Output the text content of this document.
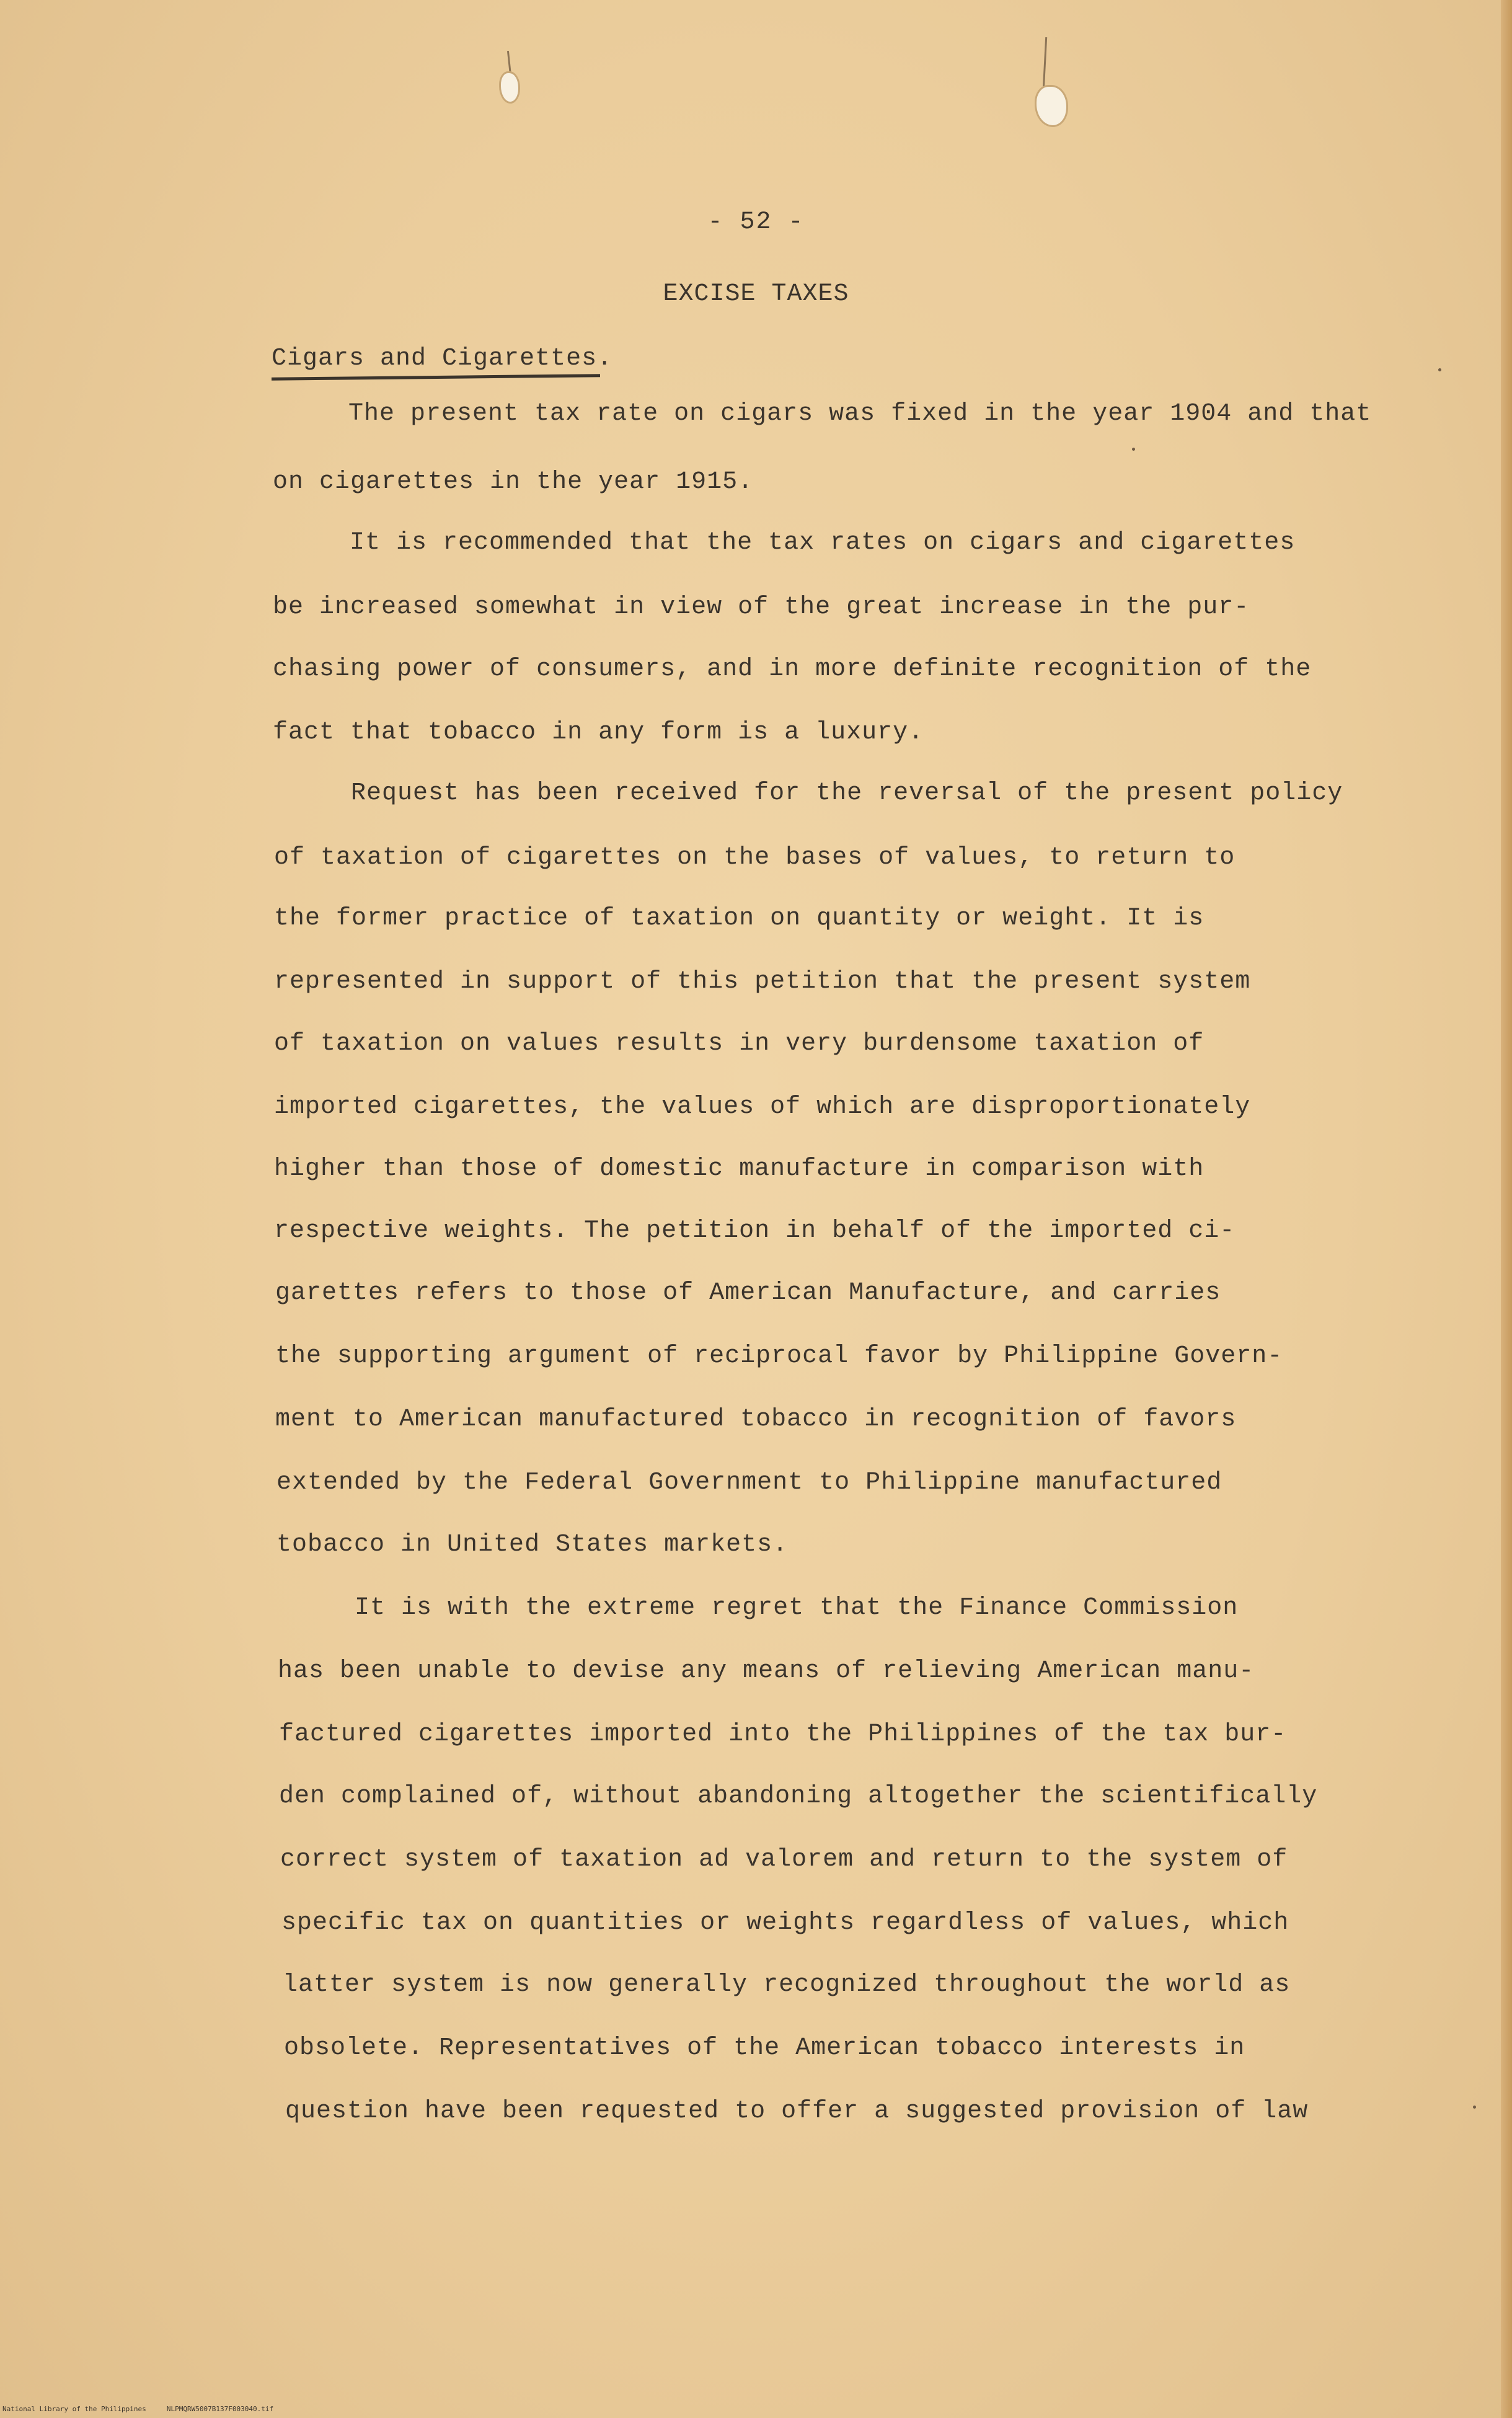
- 52 -
EXCISE TAXES
Cigars and Cigarettes.
The present tax rate on cigars was fixed in the year 1904 and that
on cigarettes in the year 1915.
It is recommended that the tax rates on cigars and cigarettes
be increased somewhat in view of the great increase in the pur-
chasing power of consumers, and in more definite recognition of the
fact that tobacco in any form is a luxury.
Request has been received for the reversal of the present policy
of taxation of cigarettes on the bases of values, to return to
the former practice of taxation on quantity or weight. It is
represented in support of this petition that the present system
of taxation on values results in very burdensome taxation of
imported cigarettes, the values of which are disproportionately
higher than those of domestic manufacture in comparison with
respective weights. The petition in behalf of the imported ci-
garettes refers to those of American Manufacture, and carries
the supporting argument of reciprocal favor by Philippine Govern-
ment to American manufactured tobacco in recognition of favors
extended by the Federal Government to Philippine manufactured
tobacco in United States markets.
It is with the extreme regret that the Finance Commission
has been unable to devise any means of relieving American manu-
factured cigarettes imported into the Philippines of the tax bur-
den complained of, without abandoning altogether the scientifically
correct system of taxation ad valorem and return to the system of
specific tax on quantities or weights regardless of values, which
latter system is now generally recognized throughout the world as
obsolete. Representatives of the American tobacco interests in
question have been requested to offer a suggested provision of law
National Library of the Philippines	NLPMQRW5007B137F003040.tif
